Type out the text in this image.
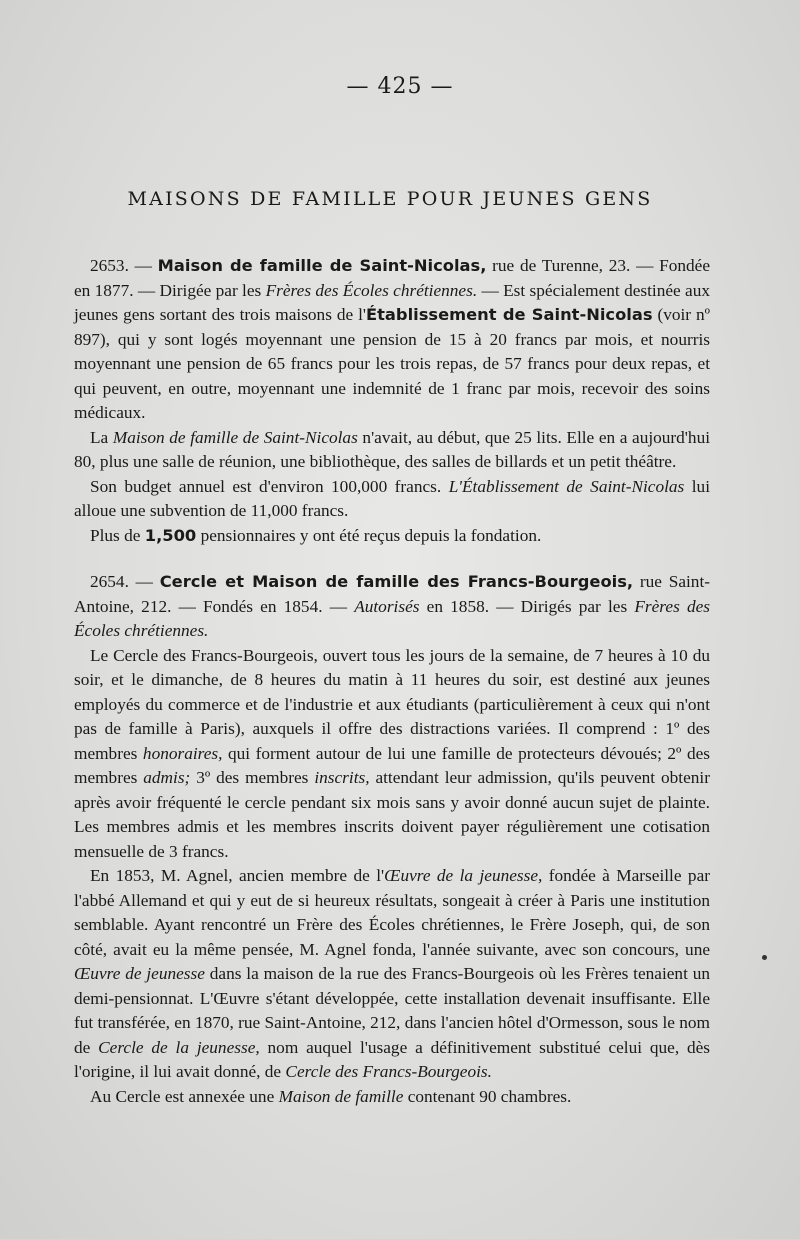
— 425 —
MAISONS DE FAMILLE POUR JEUNES GENS

2653. — Maison de famille de Saint-Nicolas, rue de Turenne, 23. — Fondée en 1877. — Dirigée par les Frères des Écoles chrétiennes. — Est spécialement destinée aux jeunes gens sortant des trois maisons de l'Établissement de Saint-Nicolas (voir nº 897), qui y sont logés moyennant une pension de 15 à 20 francs par mois, et nourris moyennant une pension de 65 francs pour les trois repas, de 57 francs pour deux repas, et qui peuvent, en outre, moyennant une indemnité de 1 franc par mois, recevoir des soins médicaux.

La Maison de famille de Saint-Nicolas n'avait, au début, que 25 lits. Elle en a aujourd'hui 80, plus une salle de réunion, une bibliothèque, des salles de billards et un petit théâtre.

Son budget annuel est d'environ 100,000 francs. L'Établissement de Saint-Nicolas lui alloue une subvention de 11,000 francs.

Plus de 1,500 pensionnaires y ont été reçus depuis la fondation.

2654. — Cercle et Maison de famille des Francs-Bourgeois, rue Saint-Antoine, 212. — Fondés en 1854. — Autorisés en 1858. — Dirigés par les Frères des Écoles chrétiennes.

Le Cercle des Francs-Bourgeois, ouvert tous les jours de la semaine, de 7 heures à 10 du soir, et le dimanche, de 8 heures du matin à 11 heures du soir, est destiné aux jeunes employés du commerce et de l'industrie et aux étudiants (particulièrement à ceux qui n'ont pas de famille à Paris), auxquels il offre des distractions variées. Il comprend : 1º des membres honoraires, qui forment autour de lui une famille de protecteurs dévoués; 2º des membres admis; 3º des membres inscrits, attendant leur admission, qu'ils peuvent obtenir après avoir fréquenté le cercle pendant six mois sans y avoir donné aucun sujet de plainte. Les membres admis et les membres inscrits doivent payer régulièrement une cotisation mensuelle de 3 francs.

En 1853, M. Agnel, ancien membre de l'Œuvre de la jeunesse, fondée à Marseille par l'abbé Allemand et qui y eut de si heureux résultats, songeait à créer à Paris une institution semblable. Ayant rencontré un Frère des Écoles chrétiennes, le Frère Joseph, qui, de son côté, avait eu la même pensée, M. Agnel fonda, l'année suivante, avec son concours, une Œuvre de jeunesse dans la maison de la rue des Francs-Bourgeois où les Frères tenaient un demi-pensionnat. L'Œuvre s'étant développée, cette installation devenait insuffisante. Elle fut transférée, en 1870, rue Saint-Antoine, 212, dans l'ancien hôtel d'Ormesson, sous le nom de Cercle de la jeunesse, nom auquel l'usage a définitivement substitué celui que, dès l'origine, il lui avait donné, de Cercle des Francs-Bourgeois.

Au Cercle est annexée une Maison de famille contenant 90 chambres.
